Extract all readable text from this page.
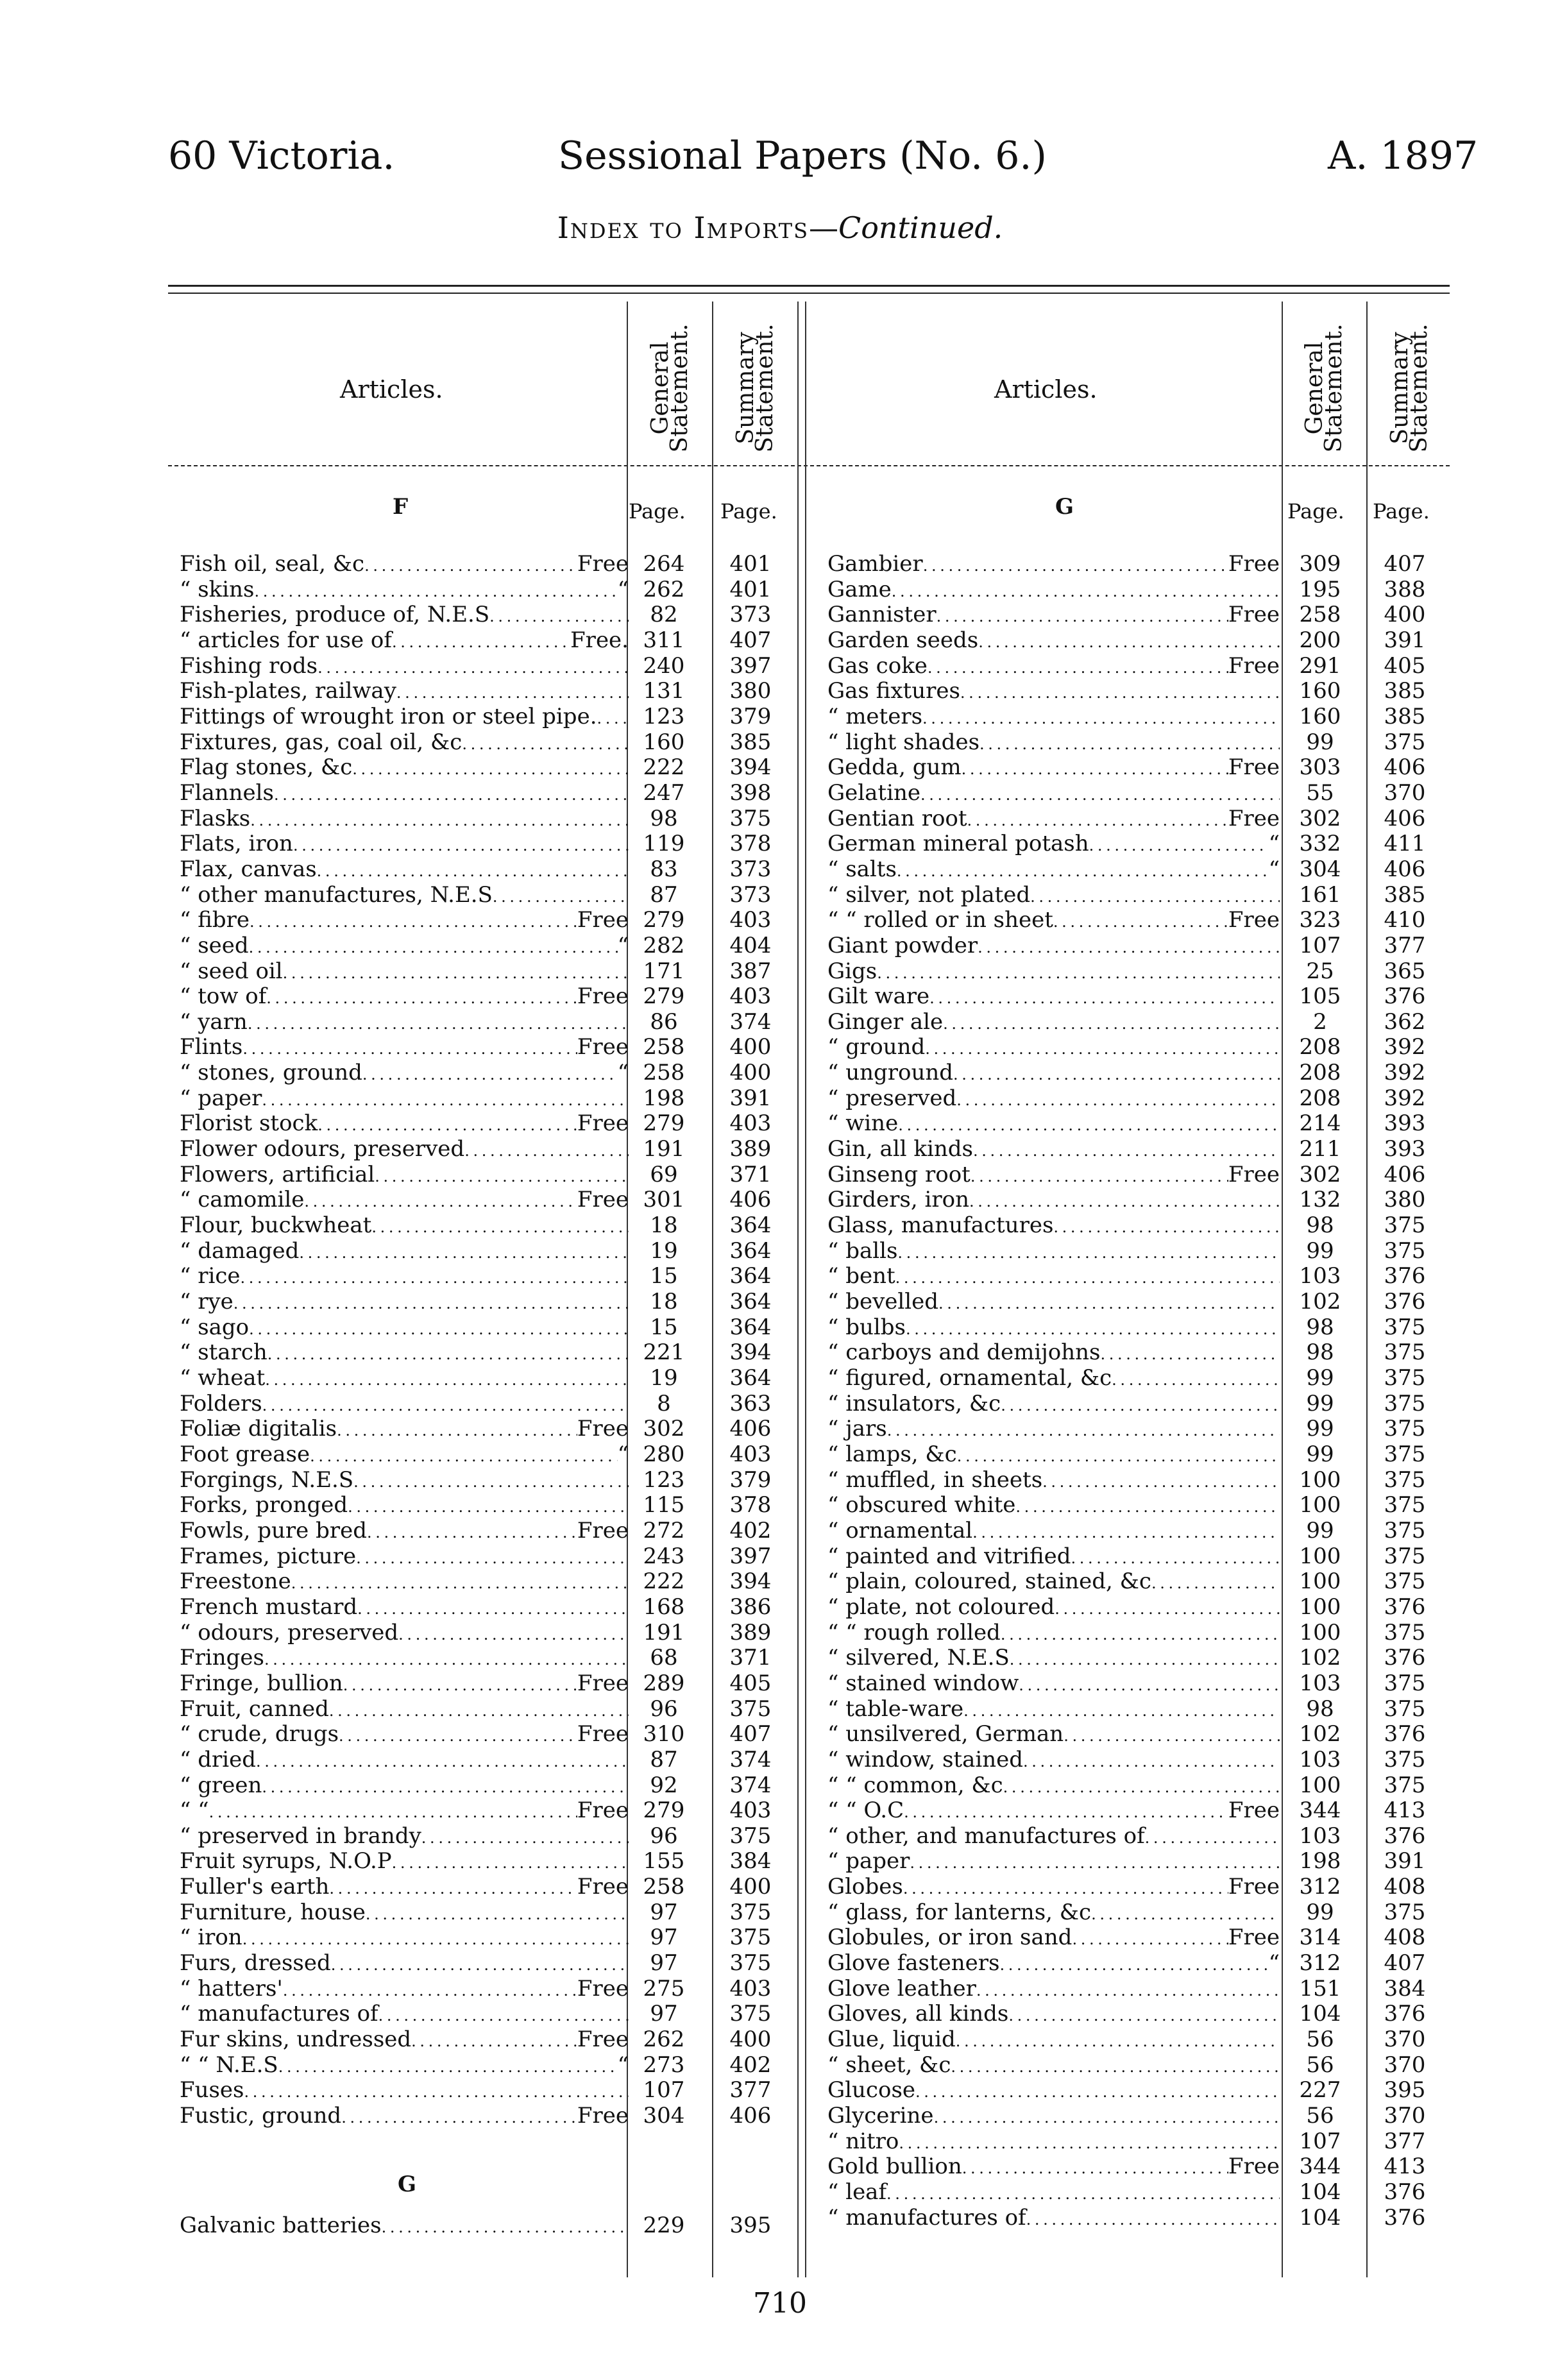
60 Victoria.	Sessional Papers (No. 6.)	A. 1897
Index to Imports—Continued.
Articles.	General Statement. Summary Statement.	Articles.	General Statement. Summary Statement.
F	Page. Page.	G	Page. Page.
Fish oil, seal, &c . . .	Free 264	401
“ skins . . .	“ 262	401
Fisheries, produce of, N.E.S . . .	82	373
“ articles for use of . . .	Free. 311	407
Fishing rods . . .	240	397
Fish-plates, railway . . .	131	380
Fittings of wrought iron or steel pipe. . . .	123	379
Fixtures, gas, coal oil, &c . . .	160	385
Flag stones, &c . . .	222	394
Flannels . . .	247	398
Flasks . . .	98	375
Flats, iron . . .	119	378
Flax, canvas . . .	83	373
“ other manufactures, N.E.S . . .	87	373
“ fibre . . .	Free 279	403
“ seed . . .	“ 282	404
“ seed oil . . .	171	387
“ tow of . . .	Free 279	403
“ yarn . . .	86	374
Flints . . .	Free 258	400
“ stones, ground . . .	“ 258	400
“ paper . . .	198	391
Florist stock . . .	Free 279	403
Flower odours, preserved . . .	191	389
Flowers, artificial . . .	69	371
“ camomile . . .	Free 301	406
Flour, buckwheat . . .	18	364
“ damaged . . .	19	364
“ rice . . .	15	364
“ rye . . .	18	364
“ sago . . .	15	364
“ starch . . .	221	394
“ wheat . . .	19	364
Folders . . .	8	363
Foliæ digitalis . . .	Free 302	406
Foot grease . . .	“ 280	403
Forgings, N.E.S . . .	123	379
Forks, pronged . . .	115	378
Fowls, pure bred . . .	Free 272	402
Frames, picture . . .	243	397
Freestone . . .	222	394
French mustard . . .	168	386
“ odours, preserved . . .	191	389
Fringes . . .	68	371
Fringe, bullion . . .	Free 289	405
Fruit, canned . . .	96	375
“ crude, drugs . . .	Free 310	407
“ dried . . .	87	374
“ green . . .	92	374
“ “ . . .	Free 279	403
“ preserved in brandy . . .	96	375
Fruit syrups, N.O.P . . .	155	384
Fuller's earth . . .	Free 258	400
Furniture, house . . .	97	375
“ iron . . .	97	375
Furs, dressed . . .	97	375
“ hatters' . . .	Free 275	403
“ manufactures of . . .	97	375
Fur skins, undressed . . .	Free 262	400
“ “ N.E.S . . .	“ 273	402
Fuses . . .	107	377
Fustic, ground . . .	Free 304	406
Gambier . . .	Free 309	407
Game . . .	195	388
Gannister . . .	Free 258	400
Garden seeds . . .	200	391
Gas coke . . .	Free 291	405
Gas fixtures . . .	160	385
“ meters . . .	160	385
“ light shades . . .	99	375
Gedda, gum . . .	Free 303	406
Gelatine . . .	55	370
Gentian root . . .	Free 302	406
German mineral potash . . .	“ 332	411
“ salts . . .	“ 304	406
“ silver, not plated . . .	161	385
“ “ rolled or in sheet . . .	Free 323	410
Giant powder . . .	107	377
Gigs . . .	25	365
Gilt ware . . .	105	376
Ginger ale . . .	2	362
“ ground . . .	208	392
“ unground . . .	208	392
“ preserved . . .	208	392
“ wine . . .	214	393
Gin, all kinds . . .	211	393
Ginseng root . . .	Free 302	406
Girders, iron . . .	132	380
Glass, manufactures . . .	98	375
“ balls . . .	99	375
“ bent . . .	103	376
“ bevelled . . .	102	376
“ bulbs . . .	98	375
“ carboys and demijohns . . .	98	375
“ figured, ornamental, &c . . .	99	375
“ insulators, &c . . .	99	375
“ jars . . .	99	375
“ lamps, &c . . .	99	375
“ muffled, in sheets . . .	100	375
“ obscured white . . .	100	375
“ ornamental . . .	99	375
“ painted and vitrified . . .	100	375
“ plain, coloured, stained, &c . . .	100	375
“ plate, not coloured . . .	100	376
“ “ rough rolled . . .	100	375
“ silvered, N.E.S . . .	102	376
“ stained window . . .	103	375
“ table-ware . . .	98	375
“ unsilvered, German . . .	102	376
“ window, stained . . .	103	375
“ “ common, &c . . .	100	375
“ “ O.C . . .	Free 344	413
“ other, and manufactures of . . .	103	376
“ paper . . .	198	391
Globes . . .	Free 312	408
“ glass, for lanterns, &c . . .	99	375
Globules, or iron sand . . .	Free 314	408
Glove fasteners . . .	“ 312	407
Glove leather . . .	151	384
Gloves, all kinds . . .	104	376
Glue, liquid . . .	56	370
“ sheet, &c . . .	56	370
Glucose . . .	227	395
Glycerine . . .	56	370
“ nitro . . .	107	377
Gold bullion . . .	Free 344	413
“ leaf . . .	104	376
“ manufactures of . . .	104	376
G
Galvanic batteries . . .	229	395
710
